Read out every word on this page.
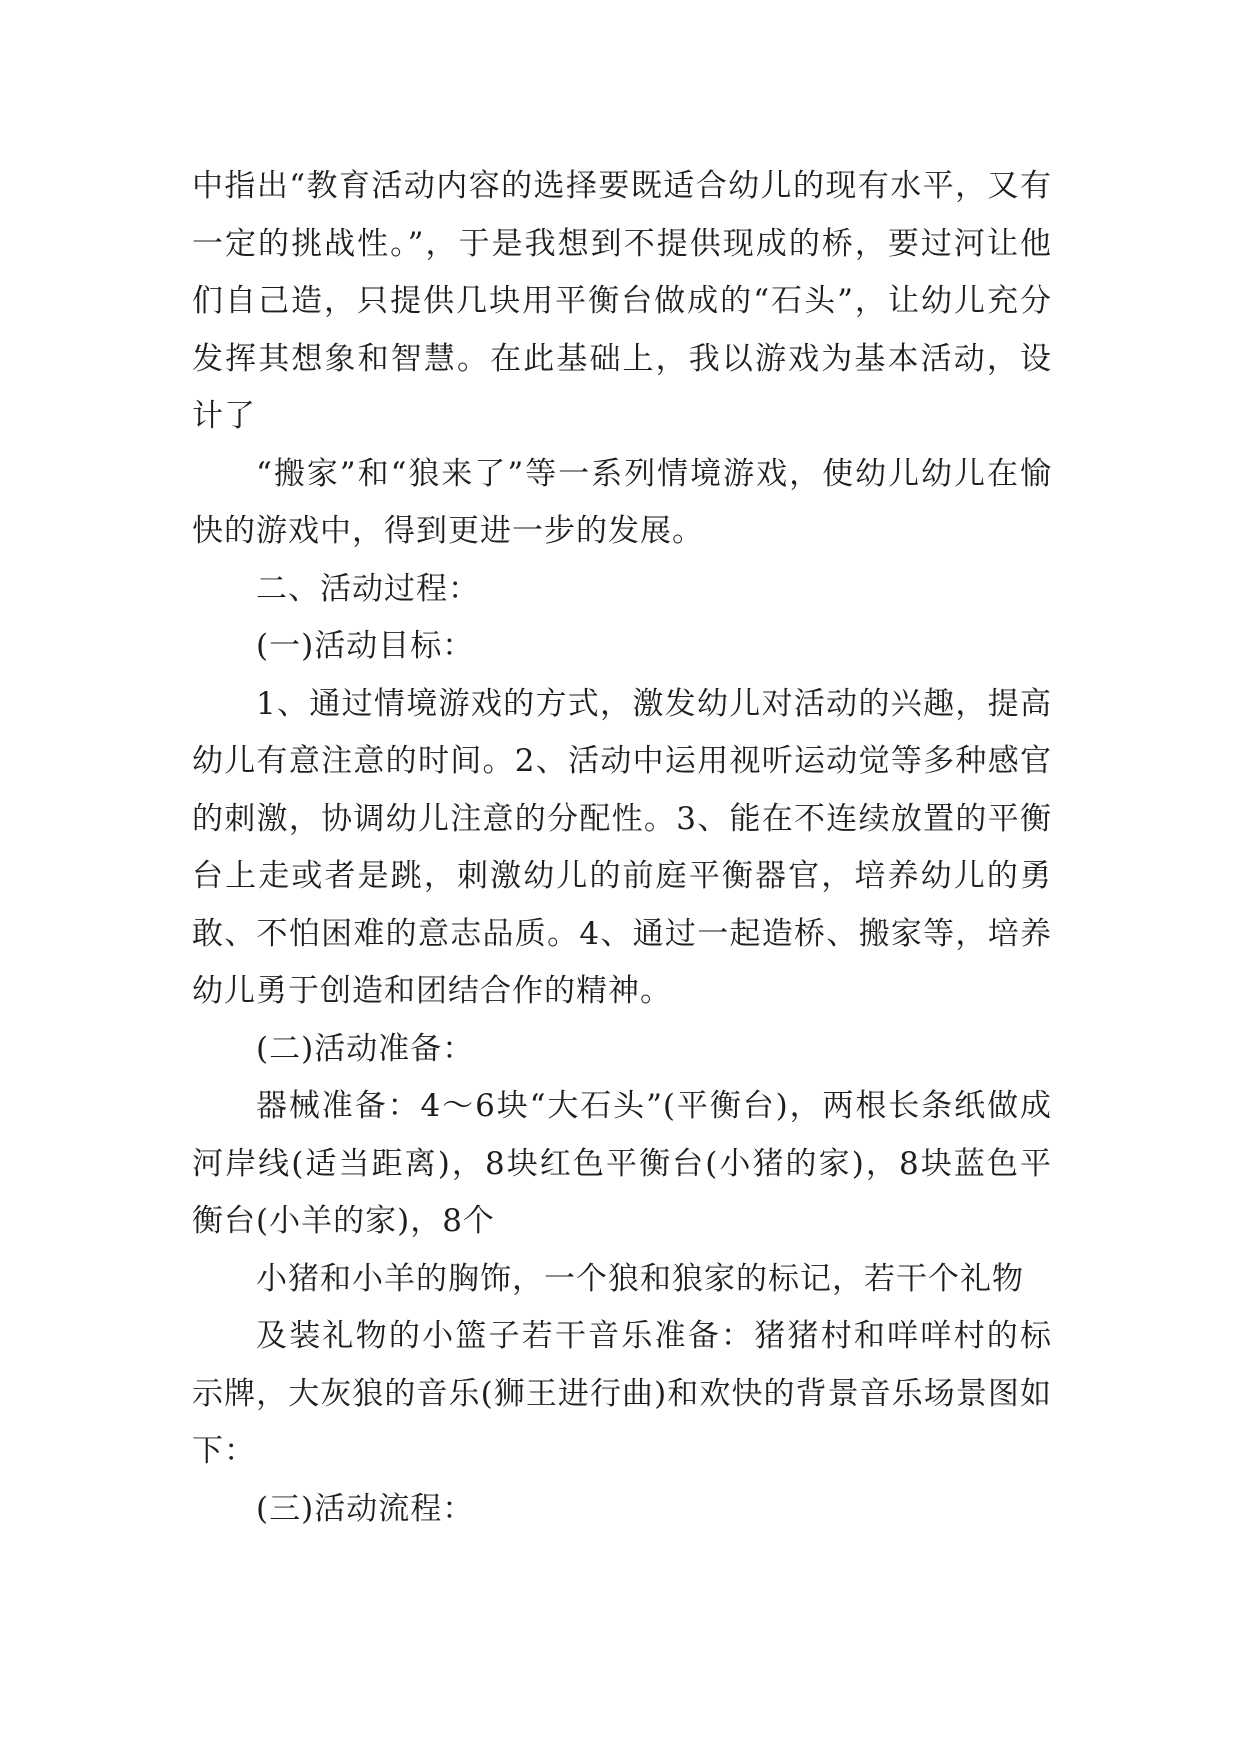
中指出“教育活动内容的选择要既适合幼儿的现有水平，又有一定的挑战性。”，于是我想到不提供现成的桥，要过河让他们自己造，只提供几块用平衡台做成的“石头”，让幼儿充分发挥其想象和智慧。在此基础上，我以游戏为基本活动，设计了

“搬家”和“狼来了”等一系列情境游戏，使幼儿幼儿在愉快的游戏中，得到更进一步的发展。

二、活动过程：

(一)活动目标：

1、通过情境游戏的方式，激发幼儿对活动的兴趣，提高幼儿有意注意的时间。2、活动中运用视听运动觉等多种感官的刺激，协调幼儿注意的分配性。3、能在不连续放置的平衡台上走或者是跳，刺激幼儿的前庭平衡器官，培养幼儿的勇敢、不怕困难的意志品质。4、通过一起造桥、搬家等，培养幼儿勇于创造和团结合作的精神。

(二)活动准备：

器械准备：4～6块“大石头”(平衡台)，两根长条纸做成河岸线(适当距离)，8块红色平衡台(小猪的家)，8块蓝色平衡台(小羊的家)，8个

小猪和小羊的胸饰，一个狼和狼家的标记，若干个礼物

及装礼物的小篮子若干音乐准备：猪猪村和咩咩村的标示牌，大灰狼的音乐(狮王进行曲)和欢快的背景音乐场景图如下：

(三)活动流程：
